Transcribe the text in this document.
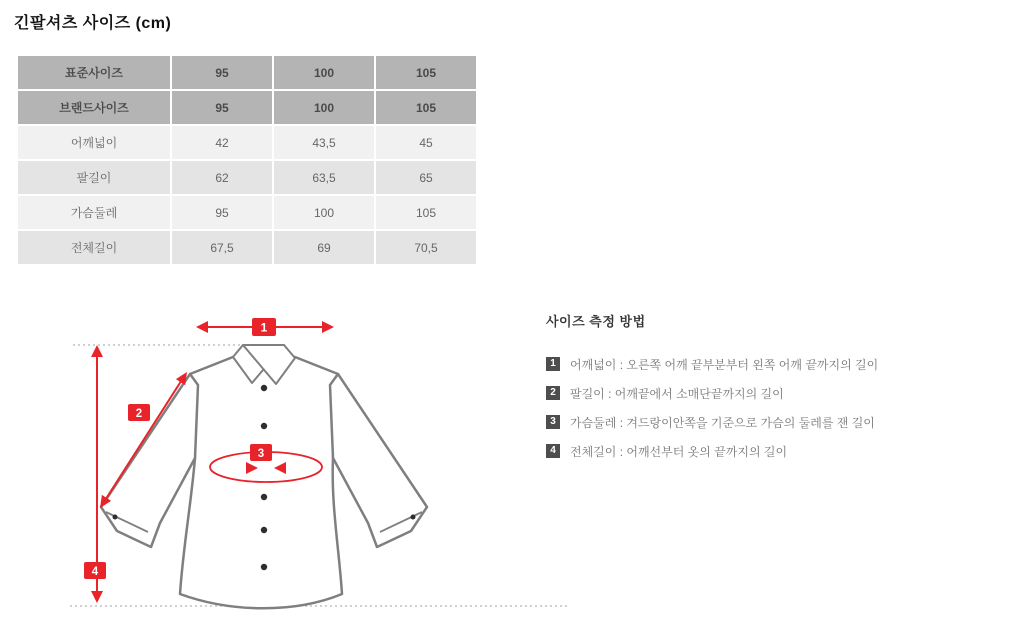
긴팔셔츠 사이즈 (cm)
표준사이즈	95	100	105
브랜드사이즈	95	100	105
어깨넓이	42	43,5	45
팔길이	62	63,5	65
가슴둘레	95	100	105
전체길이	67,5	69	70,5
1
2
3
4
사이즈 측정 방법
1	어깨넓이 : 오른쪽 어깨 끝부분부터 왼쪽 어깨 끝까지의 길이
2	팔길이 : 어깨끝에서 소매단끝까지의 길이
3	가슴둘레 : 겨드랑이안쪽을 기준으로 가슴의 둘레를 잰 길이
4	전체길이 : 어깨선부터 옷의 끝까지의 길이
